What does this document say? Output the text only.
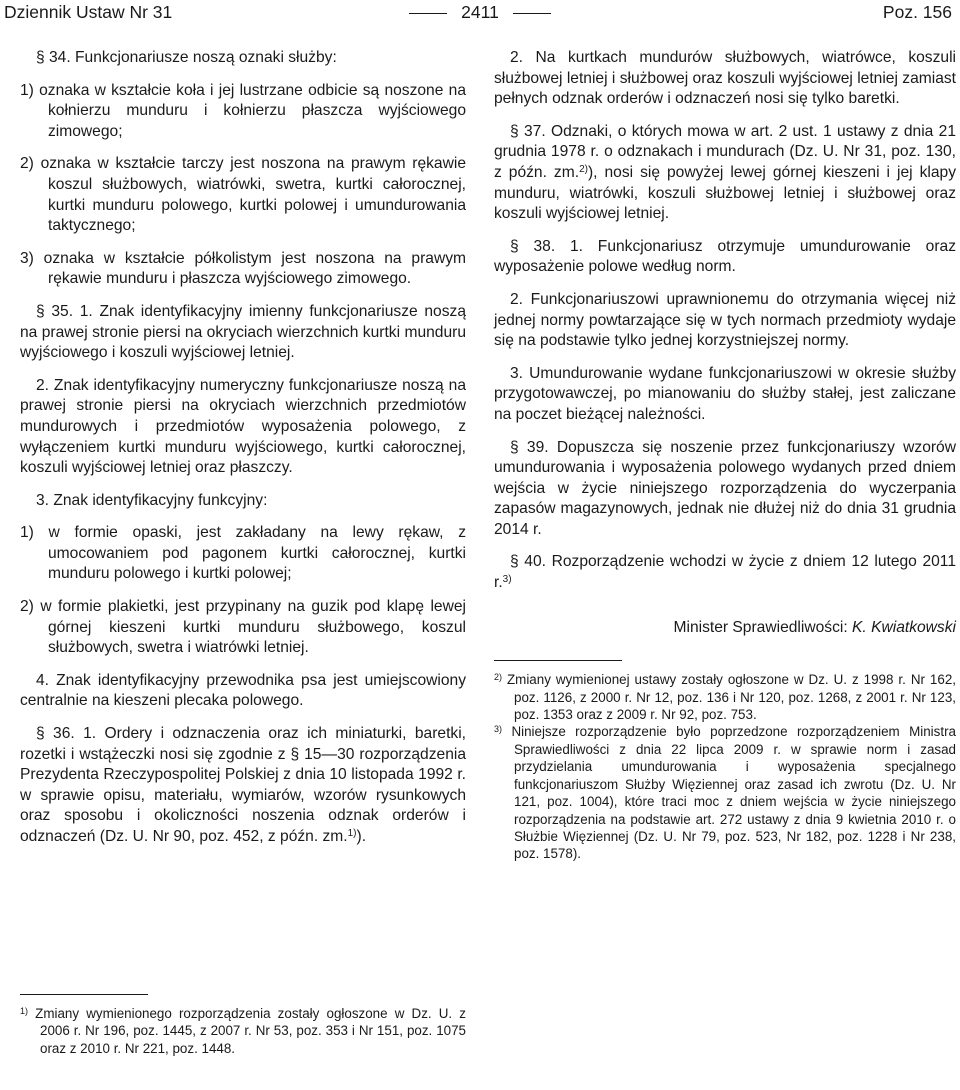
Dziennik Ustaw Nr 31	2411	Poz. 156

§ 34. Funkcjonariusze noszą oznaki służby:

1) oznaka w kształcie koła i jej lustrzane odbicie są noszone na kołnierzu munduru i kołnierzu płaszcza wyjściowego zimowego;

2) oznaka w kształcie tarczy jest noszona na prawym rękawie koszul służbowych, wiatrówki, swetra, kurtki całorocznej, kurtki munduru polowego, kurtki polowej i umundurowania taktycznego;

3) oznaka w kształcie półkolistym jest noszona na prawym rękawie munduru i płaszcza wyjściowego zimowego.

§ 35. 1. Znak identyfikacyjny imienny funkcjonariusze noszą na prawej stronie piersi na okryciach wierzchnich kurtki munduru wyjściowego i koszuli wyjściowej letniej.

2. Znak identyfikacyjny numeryczny funkcjonariusze noszą na prawej stronie piersi na okryciach wierzchnich przedmiotów mundurowych i przedmiotów wyposażenia polowego, z wyłączeniem kurtki munduru wyjściowego, kurtki całorocznej, koszuli wyjściowej letniej oraz płaszczy.

3. Znak identyfikacyjny funkcyjny:

1) w formie opaski, jest zakładany na lewy rękaw, z umocowaniem pod pagonem kurtki całorocznej, kurtki munduru polowego i kurtki polowej;

2) w formie plakietki, jest przypinany na guzik pod klapę lewej górnej kieszeni kurtki munduru służbowego, koszul służbowych, swetra i wiatrówki letniej.

4. Znak identyfikacyjny przewodnika psa jest umiejscowiony centralnie na kieszeni plecaka polowego.

§ 36. 1. Ordery i odznaczenia oraz ich miniaturki, baretki, rozetki i wstążeczki nosi się zgodnie z § 15—30 rozporządzenia Prezydenta Rzeczypospolitej Polskiej z dnia 10 listopada 1992 r. w sprawie opisu, materiału, wymiarów, wzorów rysunkowych oraz sposobu i okoliczności noszenia odznak orderów i odznaczeń (Dz. U. Nr 90, poz. 452, z późn. zm.$^{1)}$).

$^{1)}$ Zmiany wymienionego rozporządzenia zostały ogłoszone w Dz. U. z 2006 r. Nr 196, poz. 1445, z 2007 r. Nr 53, poz. 353 i Nr 151, poz. 1075 oraz z 2010 r. Nr 221, poz. 1448.

2. Na kurtkach mundurów służbowych, wiatrówce, koszuli służbowej letniej i służbowej oraz koszuli wyjściowej letniej zamiast pełnych odznak orderów i odznaczeń nosi się tylko baretki.

§ 37. Odznaki, o których mowa w art. 2 ust. 1 ustawy z dnia 21 grudnia 1978 r. o odznakach i mundurach (Dz. U. Nr 31, poz. 130, z późn. zm.$^{2)}$), nosi się powyżej lewej górnej kieszeni i jej klapy munduru, wiatrówki, koszuli służbowej letniej i służbowej oraz koszuli wyjściowej letniej.

§ 38. 1. Funkcjonariusz otrzymuje umundurowanie oraz wyposażenie polowe według norm.

2. Funkcjonariuszowi uprawnionemu do otrzymania więcej niż jednej normy powtarzające się w tych normach przedmioty wydaje się na podstawie tylko jednej korzystniejszej normy.

3. Umundurowanie wydane funkcjonariuszowi w okresie służby przygotowawczej, po mianowaniu do służby stałej, jest zaliczane na poczet bieżącej należności.

§ 39. Dopuszcza się noszenie przez funkcjonariuszy wzorów umundurowania i wyposażenia polowego wydanych przed dniem wejścia w życie niniejszego rozporządzenia do wyczerpania zapasów magazynowych, jednak nie dłużej niż do dnia 31 grudnia 2014 r.

§ 40. Rozporządzenie wchodzi w życie z dniem 12 lutego 2011 r.$^{3)}$

Minister Sprawiedliwości: K. Kwiatkowski

$^{2)}$ Zmiany wymienionej ustawy zostały ogłoszone w Dz. U. z 1998 r. Nr 162, poz. 1126, z 2000 r. Nr 12, poz. 136 i Nr 120, poz. 1268, z 2001 r. Nr 123, poz. 1353 oraz z 2009 r. Nr 92, poz. 753.

$^{3)}$ Niniejsze rozporządzenie było poprzedzone rozporządzeniem Ministra Sprawiedliwości z dnia 22 lipca 2009 r. w sprawie norm i zasad przydzielania umundurowania i wyposażenia specjalnego funkcjonariuszom Służby Więziennej oraz zasad ich zwrotu (Dz. U. Nr 121, poz. 1004), które traci moc z dniem wejścia w życie niniejszego rozporządzenia na podstawie art. 272 ustawy z dnia 9 kwietnia 2010 r. o Służbie Więziennej (Dz. U. Nr 79, poz. 523, Nr 182, poz. 1228 i Nr 238, poz. 1578).
